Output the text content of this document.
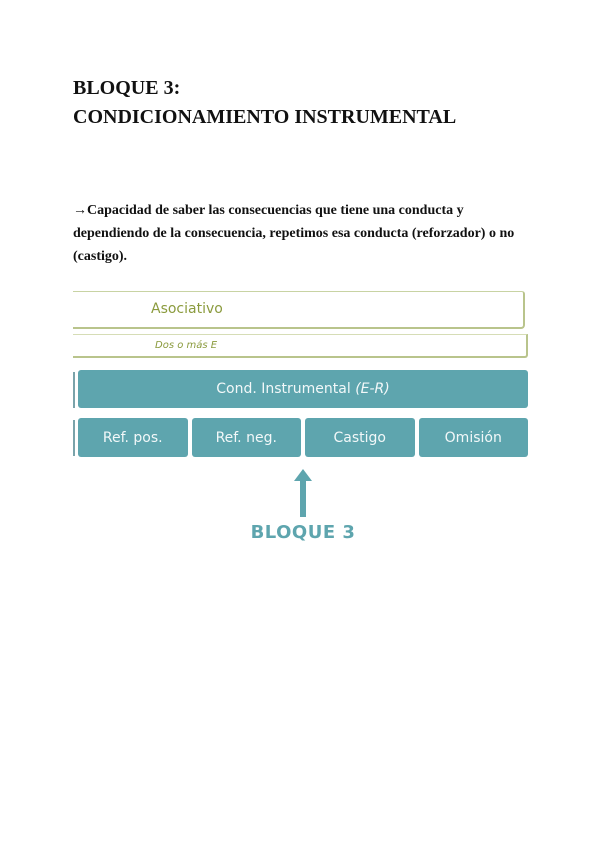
BLOQUE 3:
CONDICIONAMIENTO INSTRUMENTAL
→Capacidad de saber las consecuencias que tiene una conducta y dependiendo de la consecuencia, repetimos esa conducta (reforzador) o no (castigo).
Asociativo
Dos o más E
Cond. Instrumental (E-R)
Ref. pos.	Ref. neg.	Castigo	Omisión
BLOQUE 3
